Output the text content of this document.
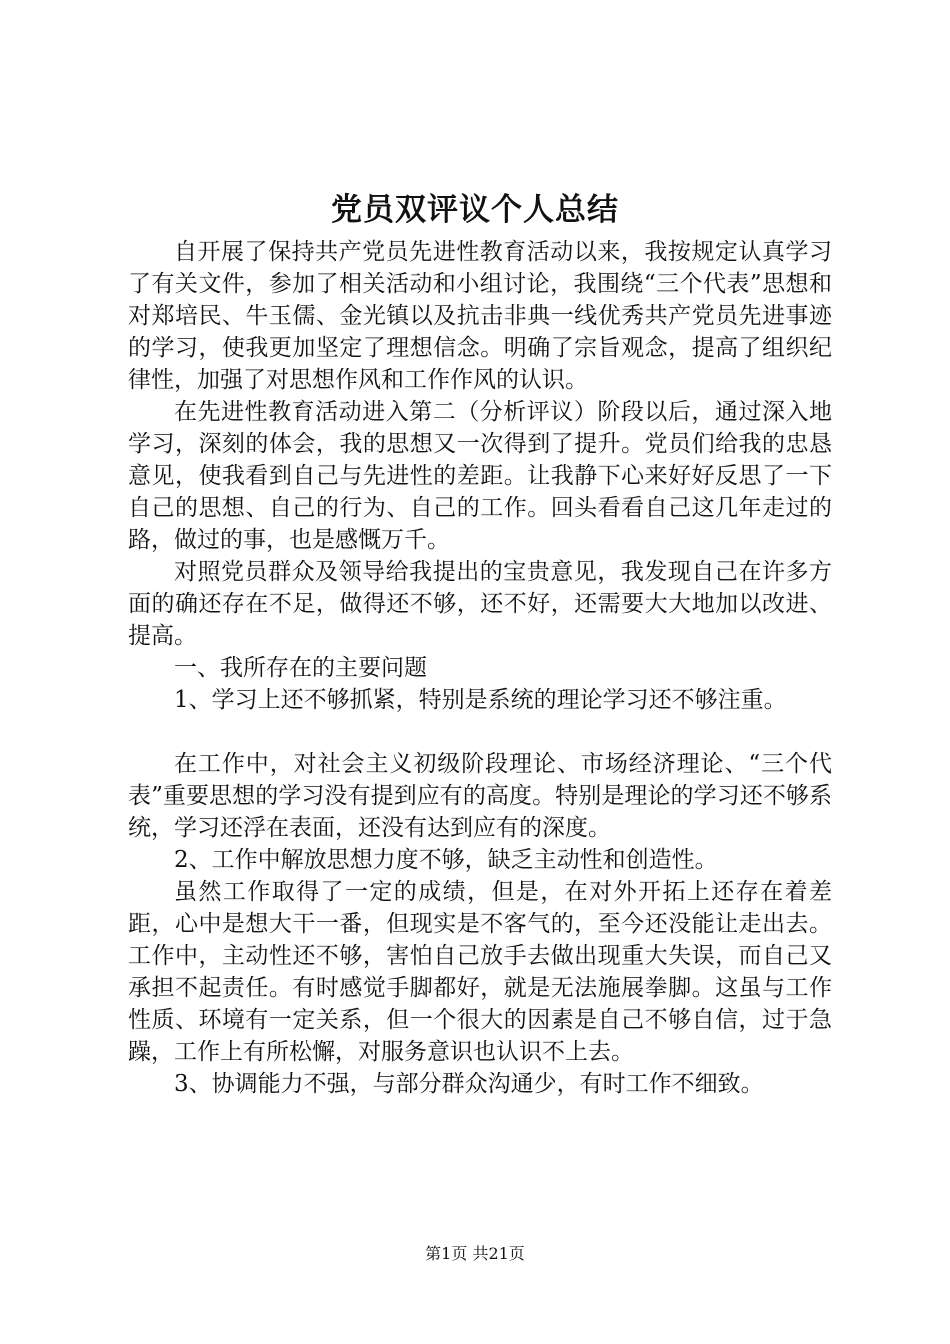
党员双评议个人总结

自开展了保持共产党员先进性教育活动以来，我按规定认真学习了有关文件，参加了相关活动和小组讨论，我围绕“三个代表”思想和对郑培民、牛玉儒、金光镇以及抗击非典一线优秀共产党员先进事迹的学习，使我更加坚定了理想信念。明确了宗旨观念，提高了组织纪律性，加强了对思想作风和工作作风的认识。

在先进性教育活动进入第二（分析评议）阶段以后，通过深入地学习，深刻的体会，我的思想又一次得到了提升。党员们给我的忠恳意见，使我看到自己与先进性的差距。让我静下心来好好反思了一下自己的思想、自己的行为、自己的工作。回头看看自己这几年走过的路，做过的事，也是感慨万千。

对照党员群众及领导给我提出的宝贵意见，我发现自己在许多方面的确还存在不足，做得还不够，还不好，还需要大大地加以改进、提高。

一、我所存在的主要问题

1、学习上还不够抓紧，特别是系统的理论学习还不够注重。

在工作中，对社会主义初级阶段理论、市场经济理论、“三个代表”重要思想的学习没有提到应有的高度。特别是理论的学习还不够系统，学习还浮在表面，还没有达到应有的深度。

2、工作中解放思想力度不够，缺乏主动性和创造性。

虽然工作取得了一定的成绩，但是，在对外开拓上还存在着差距，心中是想大干一番，但现实是不客气的，至今还没能让走出去。工作中，主动性还不够，害怕自己放手去做出现重大失误，而自己又承担不起责任。有时感觉手脚都好，就是无法施展拳脚。这虽与工作性质、环境有一定关系，但一个很大的因素是自己不够自信，过于急躁，工作上有所松懈，对服务意识也认识不上去。

3、协调能力不强，与部分群众沟通少，有时工作不细致。

第1页 共21页
